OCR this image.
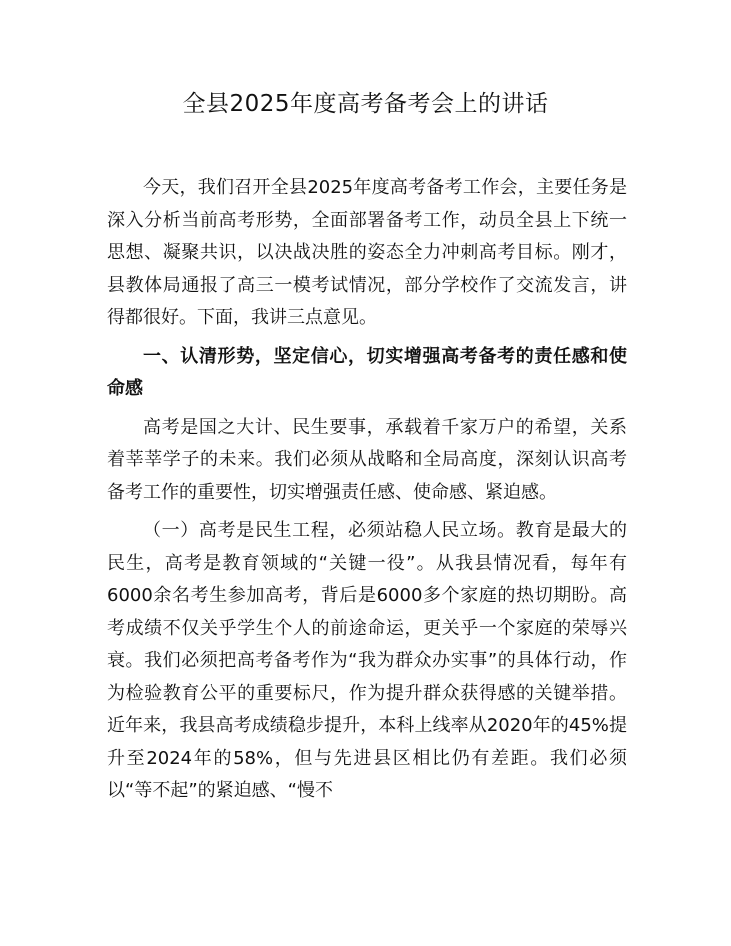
全县2025年度高考备考会上的讲话

今天，我们召开全县2025年度高考备考工作会，主要任务是深入分析当前高考形势，全面部署备考工作，动员全县上下统一思想、凝聚共识，以决战决胜的姿态全力冲刺高考目标。刚才，县教体局通报了高三一模考试情况，部分学校作了交流发言，讲得都很好。下面，我讲三点意见。

一、认清形势，坚定信心，切实增强高考备考的责任感和使命感

高考是国之大计、民生要事，承载着千家万户的希望，关系着莘莘学子的未来。我们必须从战略和全局高度，深刻认识高考备考工作的重要性，切实增强责任感、使命感、紧迫感。

（一）高考是民生工程，必须站稳人民立场。教育是最大的民生，高考是教育领域的“关键一役”。从我县情况看，每年有6000余名考生参加高考，背后是6000多个家庭的热切期盼。高考成绩不仅关乎学生个人的前途命运，更关乎一个家庭的荣辱兴衰。我们必须把高考备考作为“我为群众办实事”的具体行动，作为检验教育公平的重要标尺，作为提升群众获得感的关键举措。近年来，我县高考成绩稳步提升，本科上线率从2020年的45%提升至2024年的58%，但与先进县区相比仍有差距。我们必须以“等不起”的紧迫感、“慢不
